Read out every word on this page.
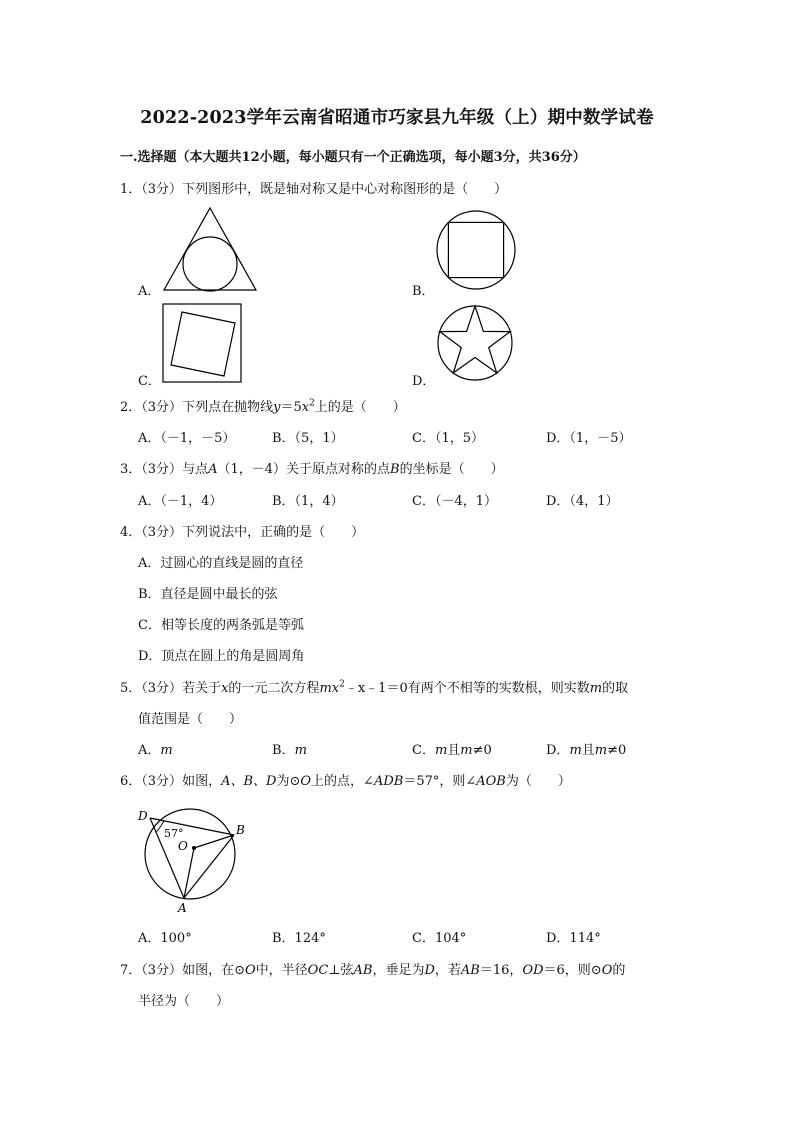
2022-2023学年云南省昭通市巧家县九年级（上）期中数学试卷
一.选择题（本大题共12小题，每小题只有一个正确选项，每小题3分，共36分）
1．（3分）下列图形中，既是轴对称又是中心对称图形的是（　　）
A．	B．
C．	D．
2．（3分）下列点在抛物线$y=5x^2$上的是（　　）
A．（－1，－5）	B．（5，1）	C．（1，5）	D．（1，－5）
3．（3分）与点A（1，－4）关于原点对称的点B的坐标是（　　）
A．（－1，4）	B．（1，4）	C．（－4，1）	D．（4，1）
4．（3分）下列说法中，正确的是（　　）
A．过圆心的直线是圆的直径
B．直径是圆中最长的弦
C．相等长度的两条弧是等弧
D．顶点在圆上的角是圆周角
5．（3分）若关于x的一元二次方程$mx^2﹣x﹣1=0$有两个不相等的实数根，则实数m的取
值范围是（　　）
A．m	B．m	C．m且m≠0	D．m且m≠0
6．（3分）如图，A、B、D为⊙O上的点，∠ADB＝57°，则∠AOB为（　　）
D
B
O
A
57°
A．100°	B．124°	C．104°	D．114°
7．（3分）如图，在⊙O中，半径OC⊥弦AB，垂足为D，若AB＝16，OD＝6，则⊙O的
半径为（　　）
